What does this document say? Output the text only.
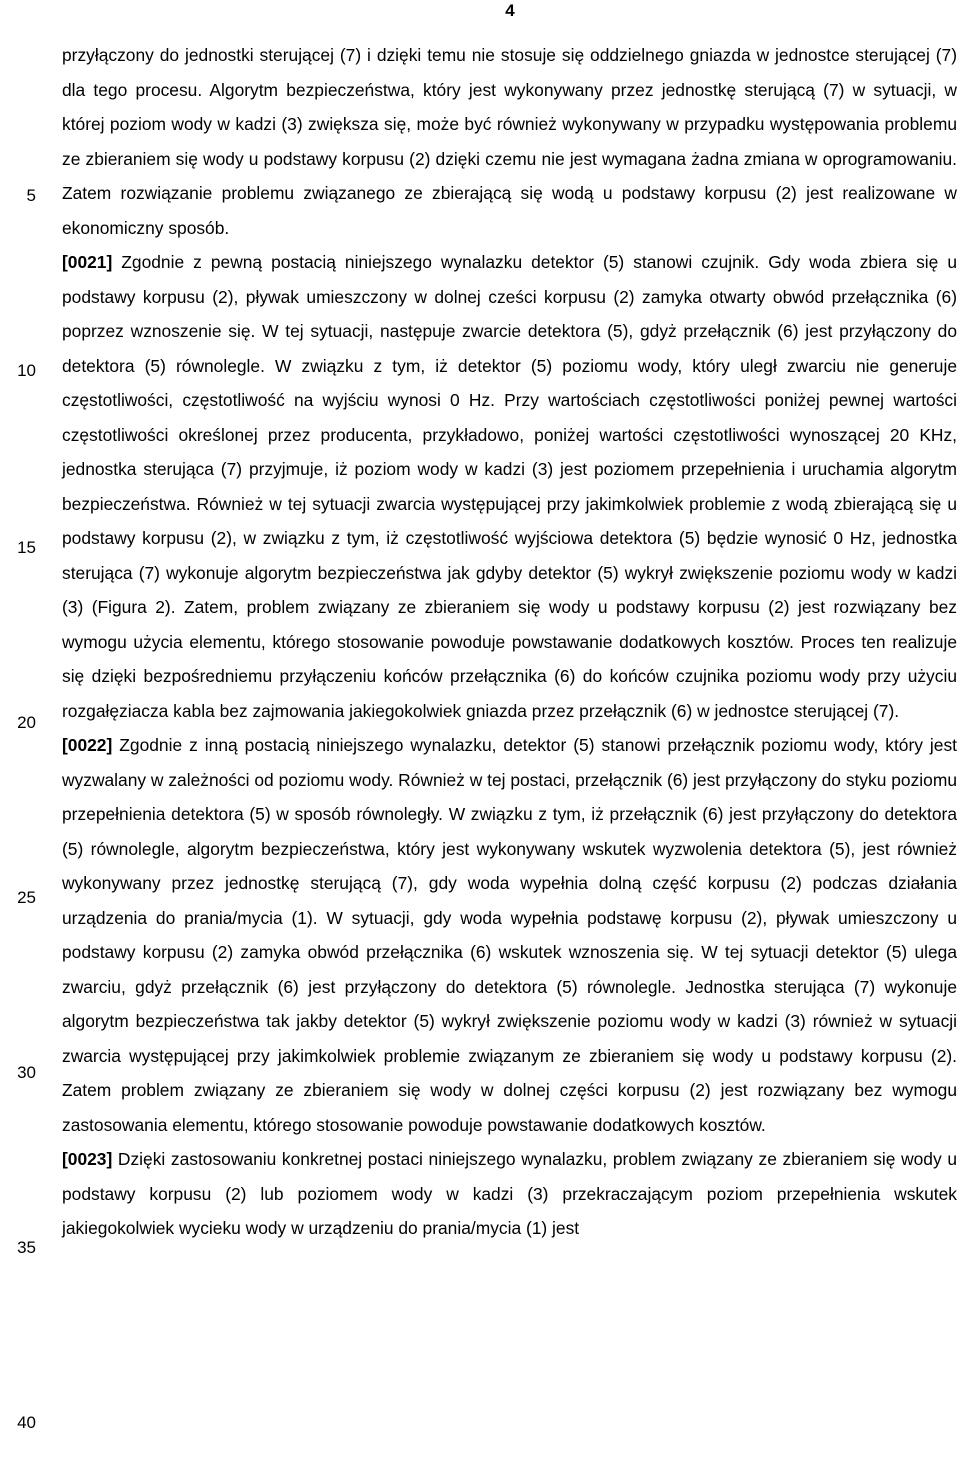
4
5
10
15
20
25
30
35
40

przyłączony do jednostki sterującej (7) i dzięki temu nie stosuje się oddzielnego gniazda w jednostce sterującej (7) dla tego procesu. Algorytm bezpieczeństwa, który jest wykonywany przez jednostkę sterującą (7) w sytuacji, w której poziom wody w kadzi (3) zwiększa się, może być również wykonywany w przypadku występowania problemu ze zbieraniem się wody u podstawy korpusu (2) dzięki czemu nie jest wymagana żadna zmiana w oprogramowaniu. Zatem rozwiązanie problemu związanego ze zbierającą się wodą u podstawy korpusu (2) jest realizowane w ekonomiczny sposób.

[0021] Zgodnie z pewną postacią niniejszego wynalazku detektor (5) stanowi czujnik. Gdy woda zbiera się u podstawy korpusu (2), pływak umieszczony w dolnej cześci korpusu (2) zamyka otwarty obwód przełącznika (6) poprzez wznoszenie się. W tej sytuacji, następuje zwarcie detektora (5), gdyż przełącznik (6) jest przyłączony do detektora (5) równolegle. W związku z tym, iż detektor (5) poziomu wody, który uległ zwarciu nie generuje częstotliwości, częstotliwość na wyjściu wynosi 0 Hz. Przy wartościach częstotliwości poniżej pewnej wartości częstotliwości określonej przez producenta, przykładowo, poniżej wartości częstotliwości wynoszącej 20 KHz, jednostka sterująca (7) przyjmuje, iż poziom wody w kadzi (3) jest poziomem przepełnienia i uruchamia algorytm bezpieczeństwa. Również w tej sytuacji zwarcia występującej przy jakimkolwiek problemie z wodą zbierającą się u podstawy korpusu (2), w związku z tym, iż częstotliwość wyjściowa detektora (5) będzie wynosić 0 Hz, jednostka sterująca (7) wykonuje algorytm bezpieczeństwa jak gdyby detektor (5) wykrył zwiększenie poziomu wody w kadzi (3) (Figura 2). Zatem, problem związany ze zbieraniem się wody u podstawy korpusu (2) jest rozwiązany bez wymogu użycia elementu, którego stosowanie powoduje powstawanie dodatkowych kosztów. Proces ten realizuje się dzięki bezpośredniemu przyłączeniu końców przełącznika (6) do końców czujnika poziomu wody przy użyciu rozgałęziacza kabla bez zajmowania jakiegokolwiek gniazda przez przełącznik (6) w jednostce sterującej (7).

[0022] Zgodnie z inną postacią niniejszego wynalazku, detektor (5) stanowi przełącznik poziomu wody, który jest wyzwalany w zależności od poziomu wody. Również w tej postaci, przełącznik (6) jest przyłączony do styku poziomu przepełnienia detektora (5) w sposób równoległy. W związku z tym, iż przełącznik (6) jest przyłączony do detektora (5) równolegle, algorytm bezpieczeństwa, który jest wykonywany wskutek wyzwolenia detektora (5), jest również wykonywany przez jednostkę sterującą (7), gdy woda wypełnia dolną część korpusu (2) podczas działania urządzenia do prania/mycia (1). W sytuacji, gdy woda wypełnia podstawę korpusu (2), pływak umieszczony u podstawy korpusu (2) zamyka obwód przełącznika (6) wskutek wznoszenia się. W tej sytuacji detektor (5) ulega zwarciu, gdyż przełącznik (6) jest przyłączony do detektora (5) równolegle. Jednostka sterująca (7) wykonuje algorytm bezpieczeństwa tak jakby detektor (5) wykrył zwiększenie poziomu wody w kadzi (3) również w sytuacji zwarcia występującej przy jakimkolwiek problemie związanym ze zbieraniem się wody u podstawy korpusu (2). Zatem problem związany ze zbieraniem się wody w dolnej części korpusu (2) jest rozwiązany bez wymogu zastosowania elementu, którego stosowanie powoduje powstawanie dodatkowych kosztów.

[0023] Dzięki zastosowaniu konkretnej postaci niniejszego wynalazku, problem związany ze zbieraniem się wody u podstawy korpusu (2) lub poziomem wody w kadzi (3) przekraczającym poziom przepełnienia wskutek jakiegokolwiek wycieku wody w urządzeniu do prania/mycia (1) jest
